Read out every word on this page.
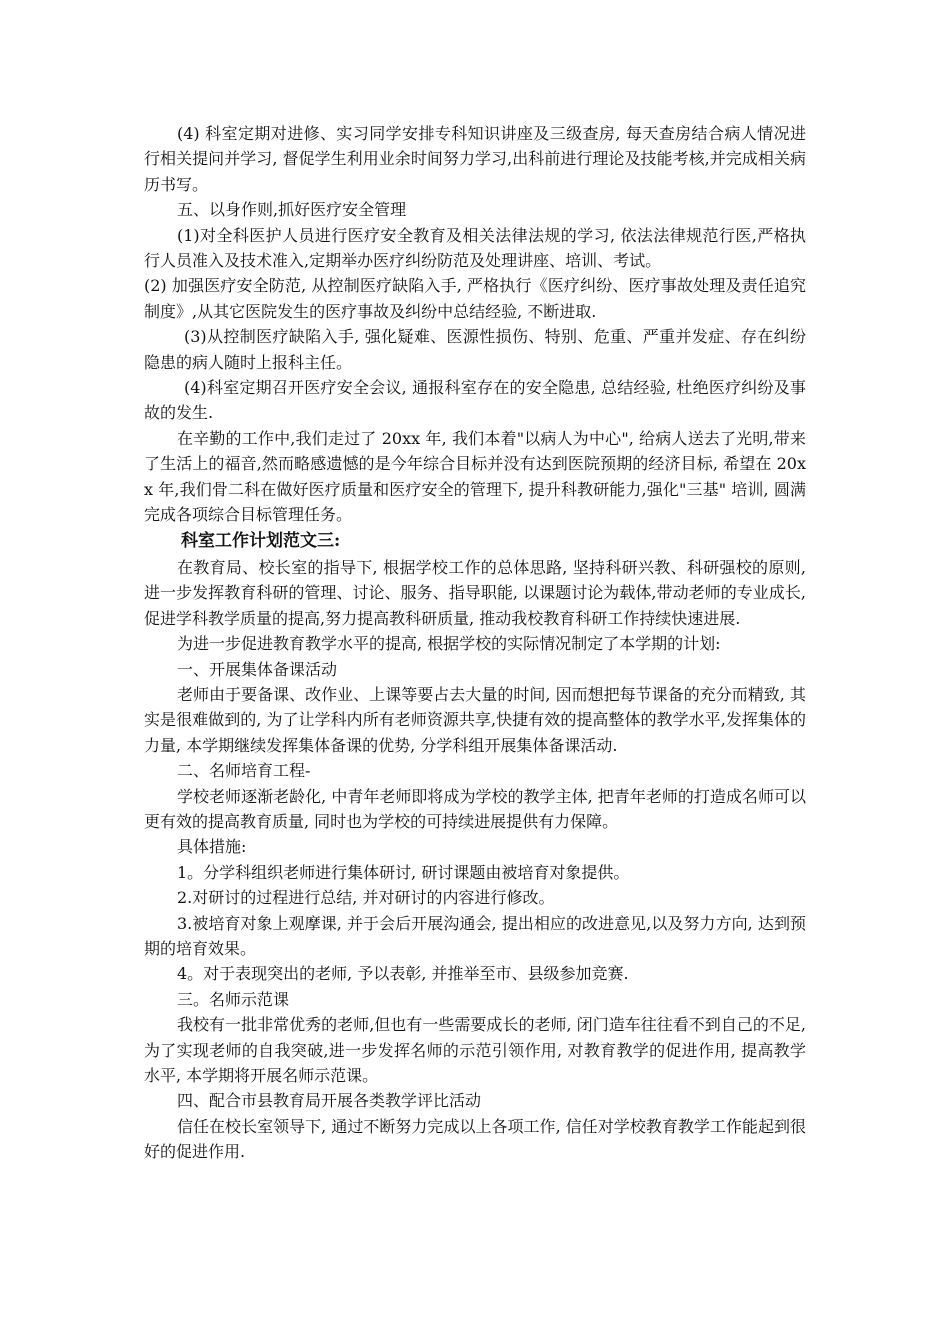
(4) 科室定期对进修、实习同学安排专科知识讲座及三级查房, 每天查房结合病人情况进行相关提问并学习, 督促学生利用业余时间努力学习,出科前进行理论及技能考核,并完成相关病历书写。

五、以身作则,抓好医疗安全管理

(1)对全科医护人员进行医疗安全教育及相关法律法规的学习, 依法法律规范行医,严格执行人员准入及技术准入,定期举办医疗纠纷防范及处理讲座、培训、考试。

(2) 加强医疗安全防范, 从控制医疗缺陷入手, 严格执行《医疗纠纷、医疗事故处理及责任追究制度》,从其它医院发生的医疗事故及纠纷中总结经验, 不断进取.

(3)从控制医疗缺陷入手, 强化疑难、医源性损伤、特别、危重、严重并发症、存在纠纷隐患的病人随时上报科主任。

(4)科室定期召开医疗安全会议, 通报科室存在的安全隐患, 总结经验, 杜绝医疗纠纷及事故的发生.

在辛勤的工作中,我们走过了 20xx 年, 我们本着"以病人为中心", 给病人送去了光明,带来了生活上的福音,然而略感遗憾的是今年综合目标并没有达到医院预期的经济目标, 希望在 20xx 年,我们骨二科在做好医疗质量和医疗安全的管理下, 提升科教研能力,强化"三基" 培训, 圆满完成各项综合目标管理任务。

科室工作计划范文三:

在教育局、校长室的指导下, 根据学校工作的总体思路, 坚持科研兴教、科研强校的原则, 进一步发挥教育科研的管理、讨论、服务、指导职能, 以课题讨论为载体,带动老师的专业成长, 促进学科教学质量的提高,努力提高教科研质量, 推动我校教育科研工作持续快速进展.

为进一步促进教育教学水平的提高, 根据学校的实际情况制定了本学期的计划:

一、开展集体备课活动

老师由于要备课、改作业、上课等要占去大量的时间, 因而想把每节课备的充分而精致, 其实是很难做到的, 为了让学科内所有老师资源共享,快捷有效的提高整体的教学水平,发挥集体的力量, 本学期继续发挥集体备课的优势, 分学科组开展集体备课活动.

二、名师培育工程-

学校老师逐渐老龄化, 中青年老师即将成为学校的教学主体, 把青年老师的打造成名师可以更有效的提高教育质量, 同时也为学校的可持续进展提供有力保障。

具体措施:

1。分学科组织老师进行集体研讨, 研讨课题由被培育对象提供。

2.对研讨的过程进行总结, 并对研讨的内容进行修改。

3.被培育对象上观摩课, 并于会后开展沟通会, 提出相应的改进意见,以及努力方向, 达到预期的培育效果。

4。对于表现突出的老师, 予以表彰, 并推举至市、县级参加竞赛.

三。名师示范课

我校有一批非常优秀的老师,但也有一些需要成长的老师, 闭门造车往往看不到自己的不足, 为了实现老师的自我突破,进一步发挥名师的示范引领作用, 对教育教学的促进作用, 提高教学水平, 本学期将开展名师示范课。

四、配合市县教育局开展各类教学评比活动

信任在校长室领导下, 通过不断努力完成以上各项工作, 信任对学校教育教学工作能起到很好的促进作用.
